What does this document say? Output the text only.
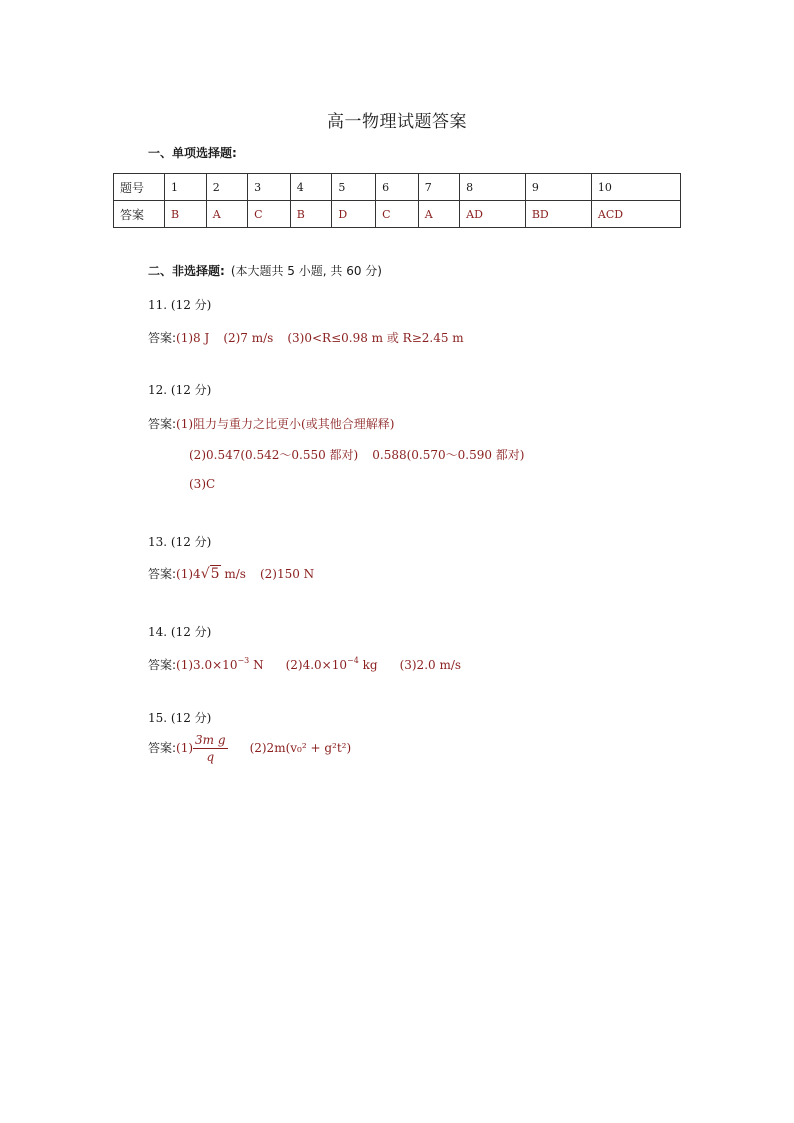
高一物理试题答案
一、单项选择题:
题号	1	2	3	4	5	6	7	8	9	10
答案	B	A	C	B	D	C	A	AD	BD	ACD
二、非选择题: (本大题共 5 小题, 共 60 分)
11. (12 分)
答案:(1)8 J (2)7 m/s (3)0<R≤0.98 m 或 R≥2.45 m
12. (12 分)
答案:(1)阻力与重力之比更小(或其他合理解释)
(2)0.547(0.542～0.550 都对) 0.588(0.570～0.590 都对)
(3)C
13. (12 分)
答案:(1)4√5 m/s (2)150 N
14. (12 分)
答案$:(1)3.0\times 10^{-3}$ N $(2)4.0\times 10^{-4}$ kg (3)2.0 m/s
15. (12 分)
答案:(1) $\frac{\text{3m g}}{q} (2)2m(v_0^2 + g^2t^2)$
